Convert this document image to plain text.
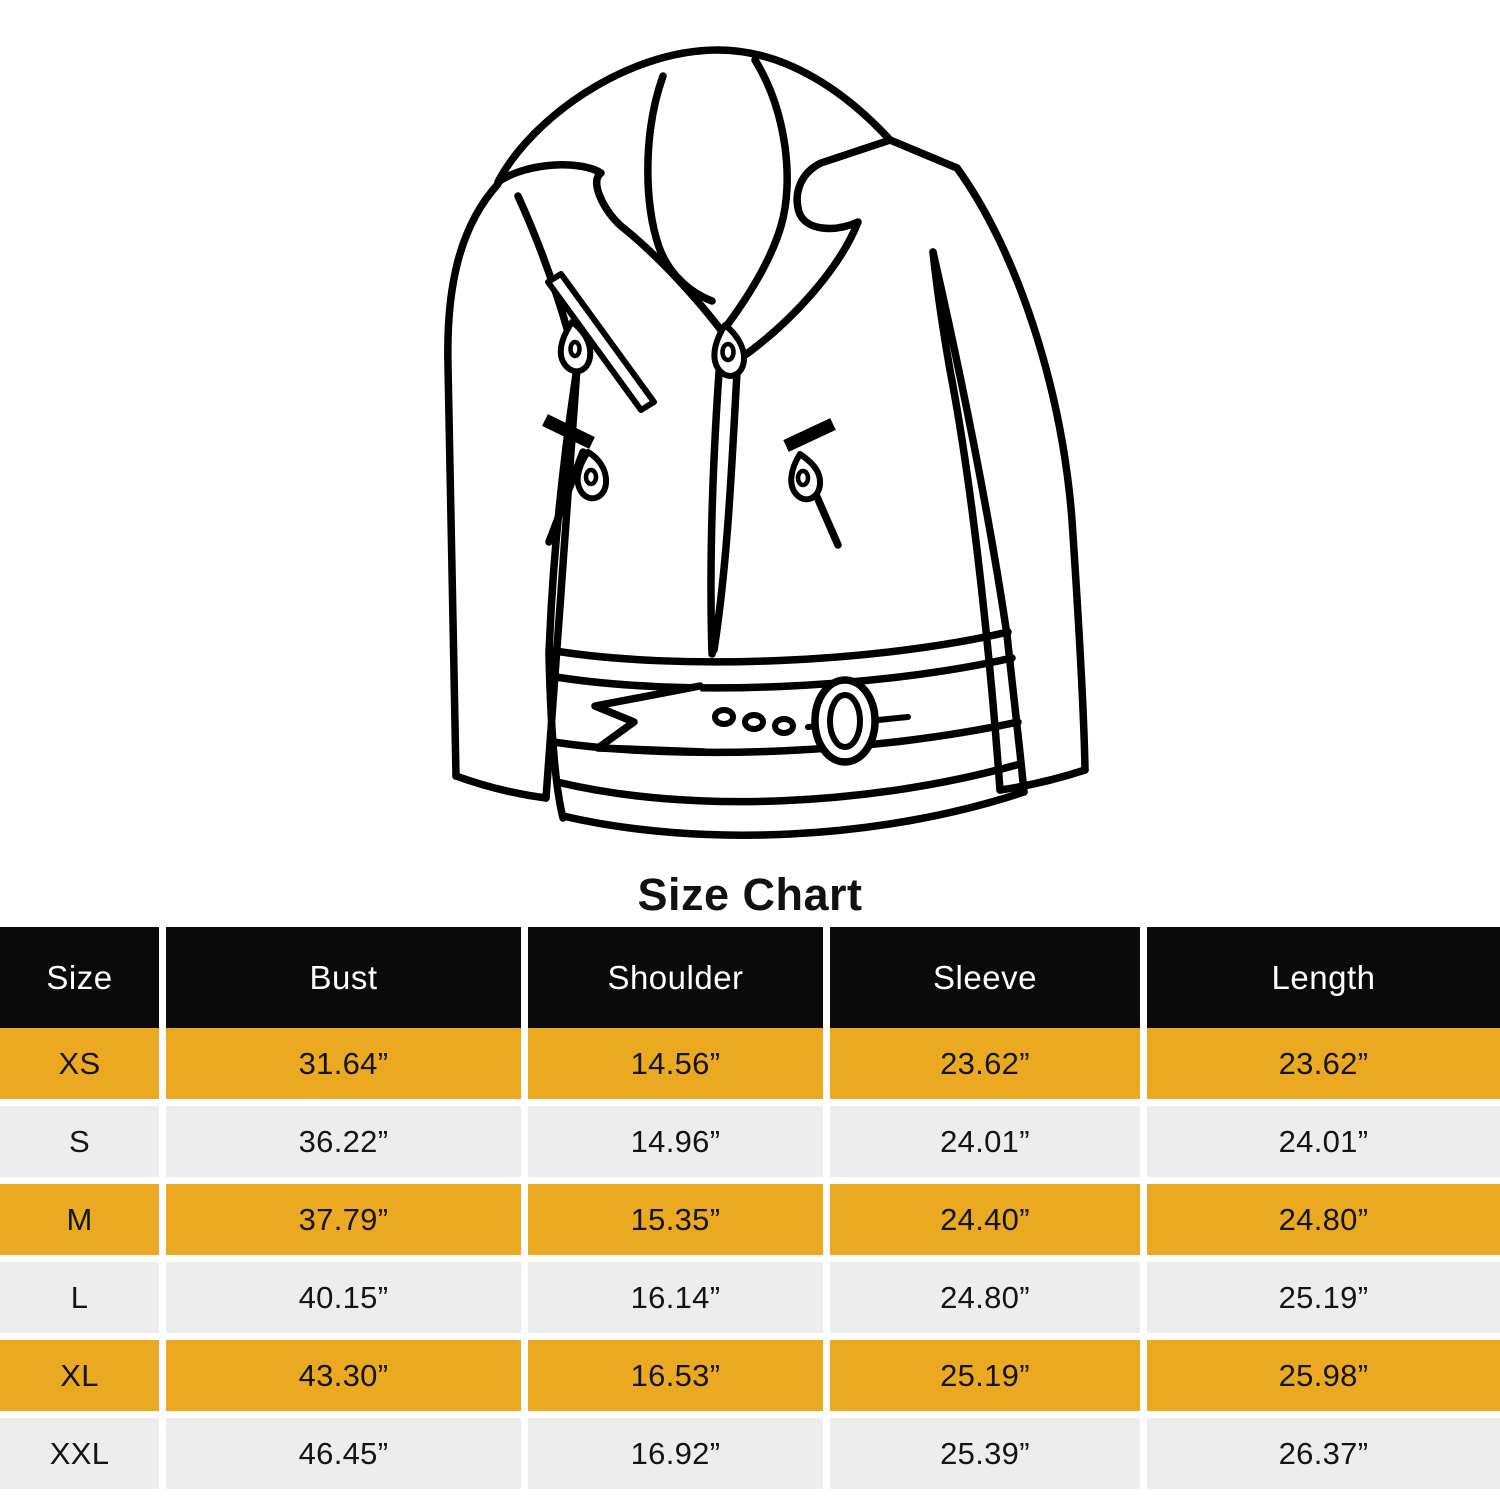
Size Chart
Size	Bust	Shoulder	Sleeve	Length
XS	31.64”	14.56”	23.62”	23.62”
S	36.22”	14.96”	24.01”	24.01”
M	37.79”	15.35”	24.40”	24.80”
L	40.15”	16.14”	24.80”	25.19”
XL	43.30”	16.53”	25.19”	25.98”
XXL	46.45”	16.92”	25.39”	26.37”
